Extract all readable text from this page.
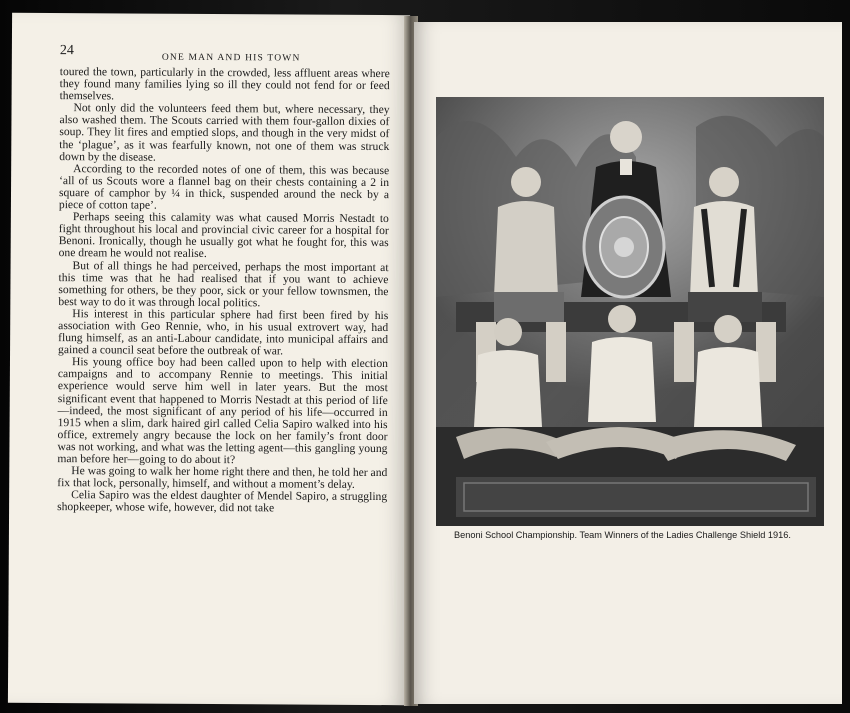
24	ONE MAN AND HIS TOWN

toured the town, particularly in the crowded, less affluent areas where they found many families lying so ill they could not fend for or feed themselves.

Not only did the volunteers feed them but, where necessary, they also washed them. The Scouts carried with them four-gallon dixies of soup. They lit fires and emptied slops, and though in the very midst of the ‘plague’, as it was fearfully known, not one of them was struck down by the disease.

According to the recorded notes of one of them, this was because ‘all of us Scouts wore a flannel bag on their chests containing a 2 in square of camphor by ¼ in thick, suspended around the neck by a piece of cotton tape’.

Perhaps seeing this calamity was what caused Morris Nestadt to fight throughout his local and provincial civic career for a hospital for Benoni. Ironically, though he usually got what he fought for, this was one dream he would not realise.

But of all things he had perceived, perhaps the most important at this time was that he had realised that if you want to achieve something for others, be they poor, sick or your fellow townsmen, the best way to do it was through local politics.

His interest in this particular sphere had first been fired by his association with Geo Rennie, who, in his usual extrovert way, had flung himself, as an anti-Labour candidate, into municipal affairs and gained a council seat before the outbreak of war.

His young office boy had been called upon to help with election campaigns and to accompany Rennie to meetings. This initial experience would serve him well in later years. But the most significant event that happened to Morris Nestadt at this period of life—indeed, the most significant of any period of his life—occurred in 1915 when a slim, dark haired girl called Celia Sapiro walked into his office, extremely angry because the lock on her family’s front door was not working, and what was the letting agent—this gangling young man before her—going to do about it?

He was going to walk her home right there and then, he told her and fix that lock, personally, himself, and without a moment’s delay.

Celia Sapiro was the eldest daughter of Mendel Sapiro, a struggling shopkeeper, whose wife, however, did not take

Benoni School Championship. Team Winners of the Ladies Challenge Shield 1916.
